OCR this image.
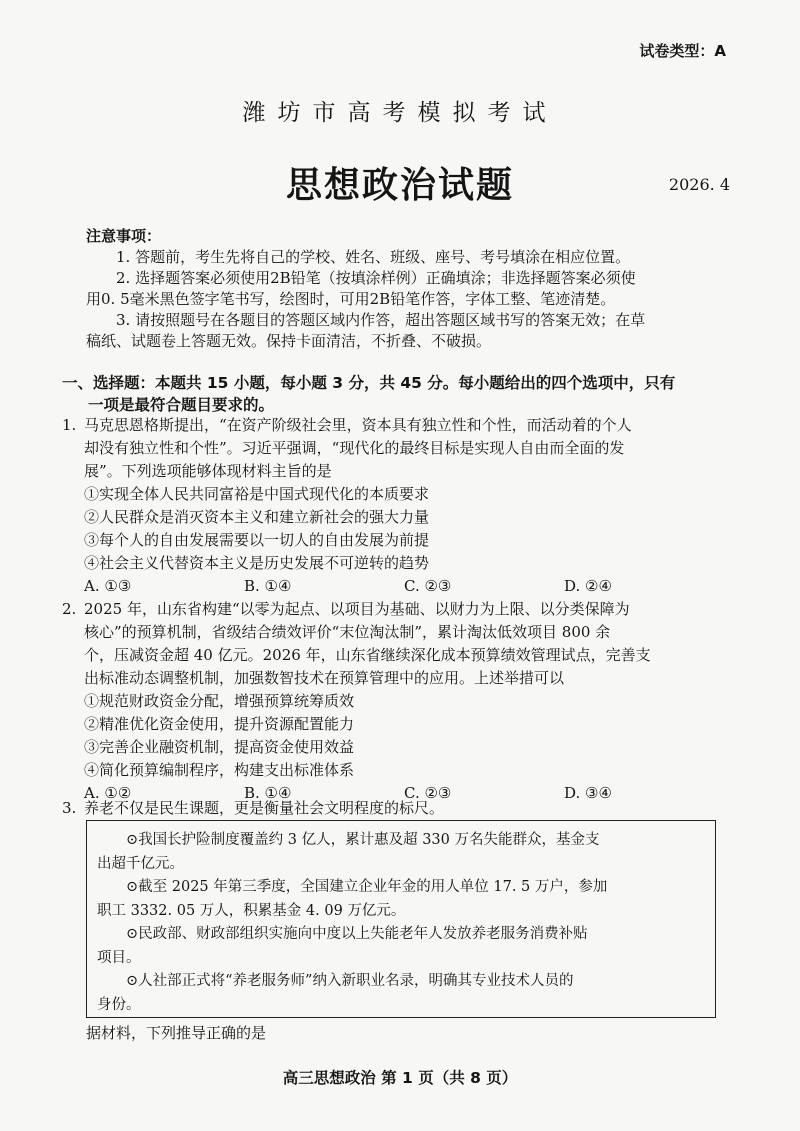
试卷类型：A
潍坊市高考模拟考试
思想政治试题	2026. 4

注意事项：

1. 答题前，考生先将自己的学校、姓名、班级、座号、考号填涂在相应位置。

2. 选择题答案必须使用2B铅笔（按填涂样例）正确填涂；非选择题答案必须使

用0. 5毫米黑色签字笔书写，绘图时，可用2B铅笔作答，字体工整、笔迹清楚。

3. 请按照题号在各题目的答题区域内作答，超出答题区域书写的答案无效；在草

稿纸、试题卷上答题无效。保持卡面清洁，不折叠、不破损。

一、选择题：本题共 15 小题，每小题 3 分，共 45 分。每小题给出的四个选项中，只有
一项是最符合题目要求的。
1. 马克思恩格斯提出，“在资产阶级社会里，资本具有独立性和个性，而活动着的个人
却没有独立性和个性”。习近平强调，“现代化的最终目标是实现人自由而全面的发
展”。下列选项能够体现材料主旨的是
①实现全体人民共同富裕是中国式现代化的本质要求
②人民群众是消灭资本主义和建立新社会的强大力量
③每个人的自由发展需要以一切人的自由发展为前提
④社会主义代替资本主义是历史发展不可逆转的趋势
A. ①③	B. ①④	C. ②③	D. ②④
2. 2025 年，山东省构建“以零为起点、以项目为基础、以财力为上限、以分类保障为
核心”的预算机制，省级结合绩效评价“末位淘汰制”，累计淘汰低效项目 800 余
个，压减资金超 40 亿元。2026 年，山东省继续深化成本预算绩效管理试点，完善支
出标准动态调整机制，加强数智技术在预算管理中的应用。上述举措可以
①规范财政资金分配，增强预算统筹质效
②精准优化资金使用，提升资源配置能力
③完善企业融资机制，提高资金使用效益
④简化预算编制程序，构建支出标准体系
A. ①②	B. ①④	C. ②③	D. ③④
3. 养老不仅是民生课题，更是衡量社会文明程度的标尺。

⊙我国长护险制度覆盖约 3 亿人，累计惠及超 330 万名失能群众，基金支

出超千亿元。

⊙截至 2025 年第三季度，全国建立企业年金的用人单位 17. 5 万户，参加

职工 3332. 05 万人，积累基金 4. 09 万亿元。

⊙民政部、财政部组织实施向中度以上失能老年人发放养老服务消费补贴

项目。

⊙人社部正式将“养老服务师”纳入新职业名录，明确其专业技术人员的

身份。

据材料，下列推导正确的是
高三思想政治 第 1 页（共 8 页）
